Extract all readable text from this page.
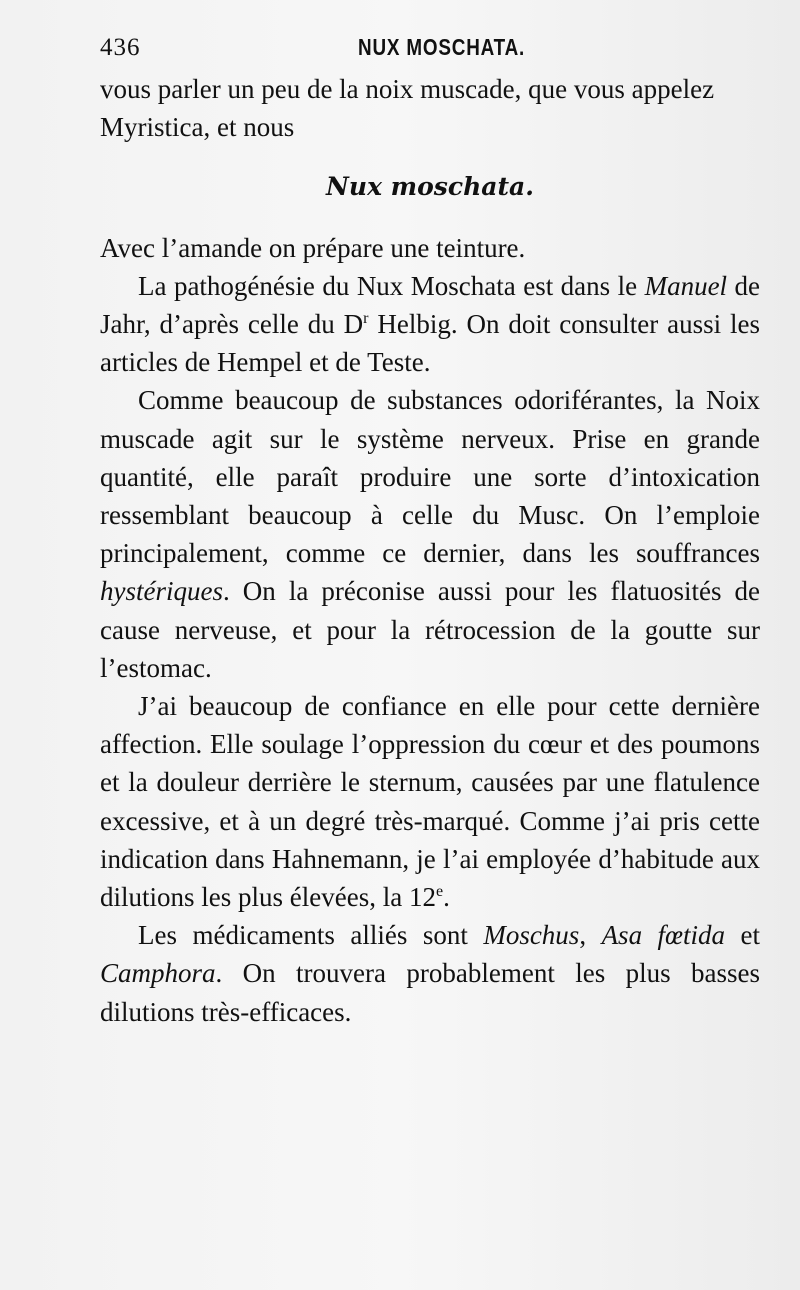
436	NUX MOSCHATA.

vous parler un peu de la noix muscade, que vous appelez
Myristica, et nous

Nux moschata.

Avec l’amande on prépare une teinture.

La pathogénésie du Nux Moschata est dans le Manuel de Jahr, d’après celle du $D^r$ Helbig. On doit consulter aussi les articles de Hempel et de Teste.

Comme beaucoup de substances odoriférantes, la Noix muscade agit sur le système nerveux. Prise en grande quantité, elle paraît produire une sorte d’intoxication ressemblant beaucoup à celle du Musc. On l’emploie principalement, comme ce dernier, dans les souffrances hystériques. On la préconise aussi pour les flatuosités de cause nerveuse, et pour la rétrocession de la goutte sur l’estomac.

J’ai beaucoup de confiance en elle pour cette dernière affection. Elle soulage l’oppression du cœur et des poumons et la douleur derrière le sternum, causées par une flatulence excessive, et à un degré très-marqué. Comme j’ai pris cette indication dans Hahnemann, je l’ai employée d’habitude aux dilutions les plus élevées, la 12e.

Les médicaments alliés sont Moschus, Asa fœtida et Camphora. On trouvera probablement les plus basses dilutions très-efficaces.
